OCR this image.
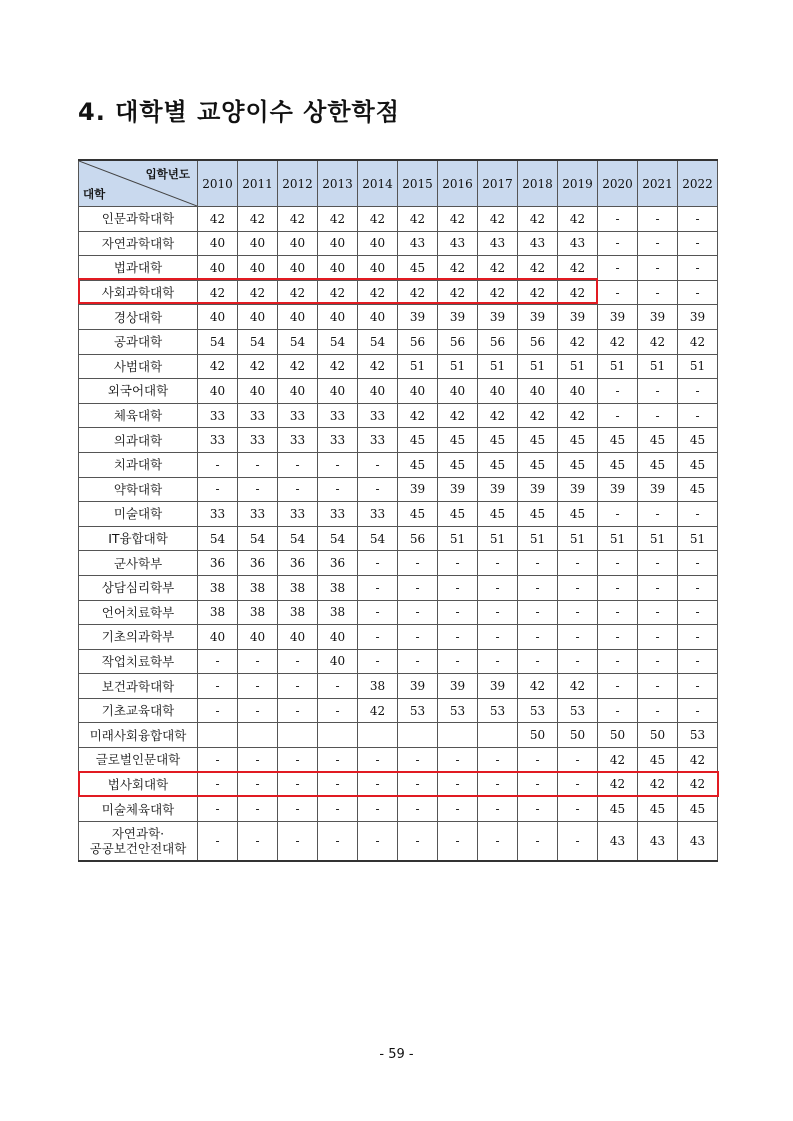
4. 대학별 교양이수 상한학점
입학년도
대학	2010	2011	2012	2013	2014	2015	2016	2017	2018	2019	2020	2021	2022
인문과학대학	42	42	42	42	42	42	42	42	42	42	-	-	-
자연과학대학	40	40	40	40	40	43	43	43	43	43	-	-	-
법과대학	40	40	40	40	40	45	42	42	42	42	-	-	-
사회과학대학	42	42	42	42	42	42	42	42	42	42	-	-	-
경상대학	40	40	40	40	40	39	39	39	39	39	39	39	39
공과대학	54	54	54	54	54	56	56	56	56	42	42	42	42
사범대학	42	42	42	42	42	51	51	51	51	51	51	51	51
외국어대학	40	40	40	40	40	40	40	40	40	40	-	-	-
체육대학	33	33	33	33	33	42	42	42	42	42	-	-	-
의과대학	33	33	33	33	33	45	45	45	45	45	45	45	45
치과대학	-	-	-	-	-	45	45	45	45	45	45	45	45
약학대학	-	-	-	-	-	39	39	39	39	39	39	39	45
미술대학	33	33	33	33	33	45	45	45	45	45	-	-	-
IT융합대학	54	54	54	54	54	56	51	51	51	51	51	51	51
군사학부	36	36	36	36	-	-	-	-	-	-	-	-	-
상담심리학부	38	38	38	38	-	-	-	-	-	-	-	-	-
언어치료학부	38	38	38	38	-	-	-	-	-	-	-	-	-
기초의과학부	40	40	40	40	-	-	-	-	-	-	-	-	-
작업치료학부	-	-	-	40	-	-	-	-	-	-	-	-	-
보건과학대학	-	-	-	-	38	39	39	39	42	42	-	-	-
기초교육대학	-	-	-	-	42	53	53	53	53	53	-	-	-
미래사회융합대학									50	50	50	50	53
글로벌인문대학	-	-	-	-	-	-	-	-	-	-	42	45	42
법사회대학	-	-	-	-	-	-	-	-	-	-	42	42	42
미술체육대학	-	-	-	-	-	-	-	-	-	-	45	45	45
자연과학·
공공보건안전대학	-	-	-	-	-	-	-	-	-	-	43	43	43
- 59 -
